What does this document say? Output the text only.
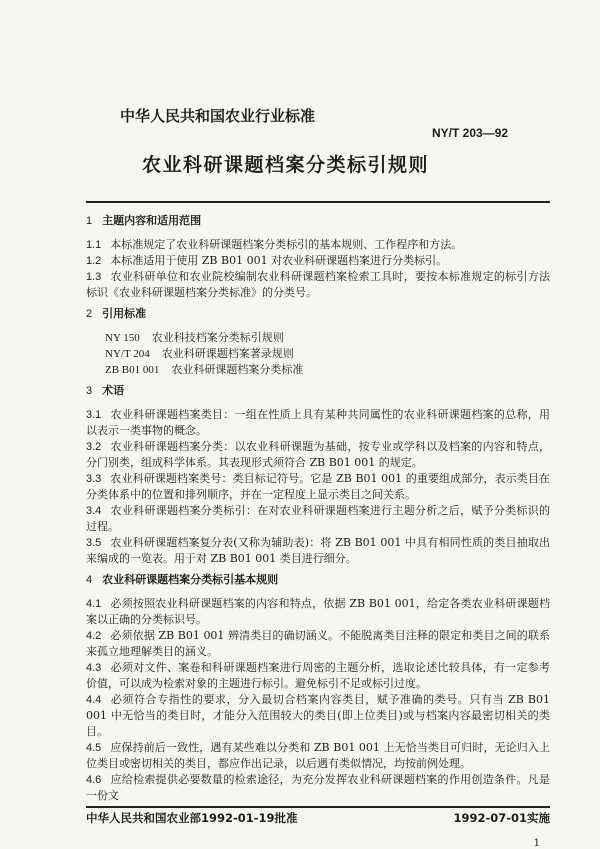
中华人民共和国农业行业标准
NY/T 203—92
农业科研课题档案分类标引规则
1 主题内容和适用范围

1.1 本标准规定了农业科研课题档案分类标引的基本规则、工作程序和方法。

1.2 本标准适用于使用 ZB B01 001 对农业科研课题档案进行分类标引。

1.3 农业科研单位和农业院校编制农业科研课题档案检索工具时，要按本标准规定的标引方法标识《农业科研课题档案分类标准》的分类号。

2 引用标准
NY 150 农业科技档案分类标引规则
NY/T 204 农业科研课题档案著录规则
ZB B01 001 农业科研课题档案分类标准
3 术语

3.1 农业科研课题档案类目：一组在性质上具有某种共同属性的农业科研课题档案的总称，用以表示一类事物的概念。

3.2 农业科研课题档案分类：以农业科研课题为基础，按专业或学科以及档案的内容和特点，分门别类，组成科学体系。其表现形式须符合 ZB B01 001 的规定。

3.3 农业科研课题档案类号：类目标记符号。它是 ZB B01 001 的重要组成部分，表示类目在分类体系中的位置和排列顺序，并在一定程度上显示类目之间关系。

3.4 农业科研课题档案分类标引：在对农业科研课题档案进行主题分析之后，赋予分类标识的过程。

3.5 农业科研课题档案复分表(又称为辅助表)：将 ZB B01 001 中具有相同性质的类目抽取出来编成的一览表。用于对 ZB B01 001 类目进行细分。

4 农业科研课题档案分类标引基本规则

4.1 必须按照农业科研课题档案的内容和特点，依据 ZB B01 001，给定各类农业科研课题档案以正确的分类标识号。

4.2 必须依据 ZB B01 001 辨清类目的确切涵义。不能脱离类目注释的限定和类目之间的联系来孤立地理解类目的涵义。

4.3 必须对文件、案卷和科研课题档案进行周密的主题分析，选取论述比较具体，有一定参考价值，可以成为检索对象的主题进行标引。避免标引不足或标引过度。

4.4 必须符合专指性的要求，分入最切合档案内容类目，赋予准确的类号。只有当 ZB B01 001 中无恰当的类目时，才能分入范围较大的类目(即上位类目)或与档案内容最密切相关的类目。

4.5 应保持前后一致性，遇有某些难以分类和 ZB B01 001 上无恰当类目可归时，无论归入上位类目或密切相关的类目，都应作出记录，以后遇有类似情况，均按前例处理。

4.6 应给检索提供必要数量的检索途径，为充分发挥农业科研课题档案的作用创造条件。凡是一份文

中华人民共和国农业部1992-01-19批准	1992-07-01实施
1
